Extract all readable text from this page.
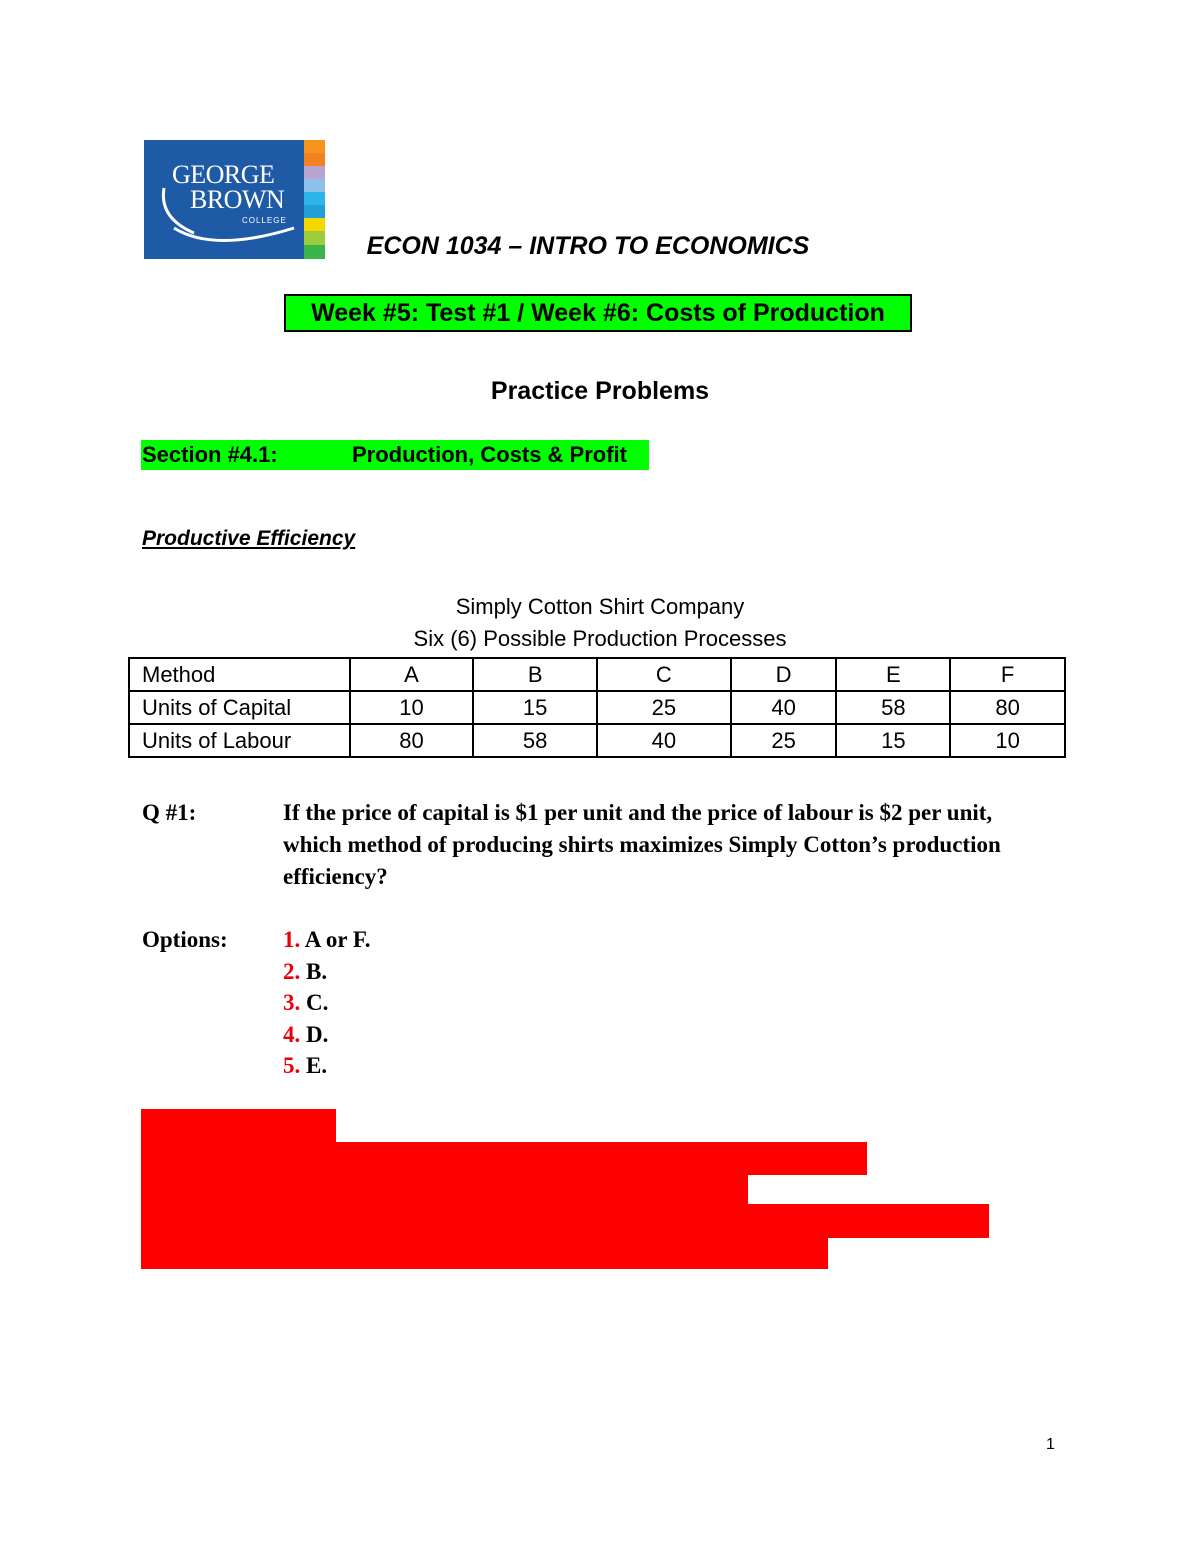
GEORGE
BROWN
COLLEGE
ECON 1034 – INTRO TO ECONOMICS
Week #5: Test #1 / Week #6: Costs of Production
Practice Problems
Section #4.1:	Production, Costs & Profit
Productive Efficiency
Simply Cotton Shirt Company
Six (6) Possible Production Processes
Method	A	B	C	D	E	F
Units of Capital	10	15	25	40	58	80
Units of Labour	80	58	40	25	15	10
Q #1:	If the price of capital is $1 per unit and the price of labour is $2 per unit, which method of producing shirts maximizes Simply Cotton’s production efficiency?
Options: 1. A or F.
2. B.
3. C.
4. D.
5. E.
1
